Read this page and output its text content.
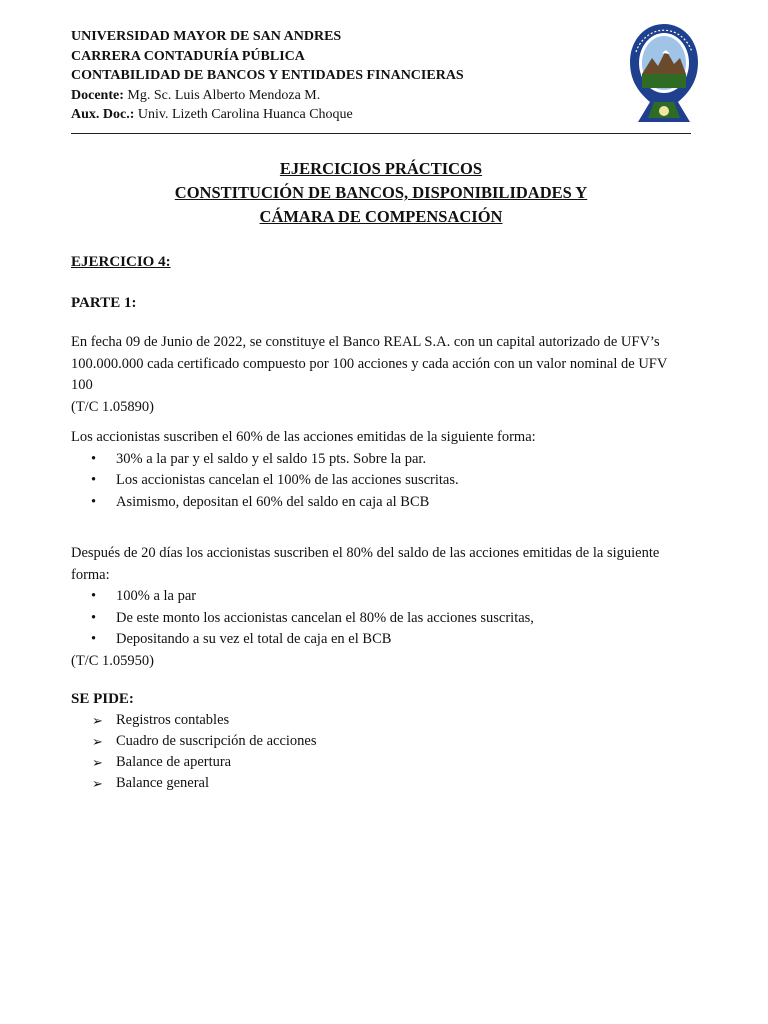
UNIVERSIDAD MAYOR DE SAN ANDRES
CARRERA CONTADURÍA PÚBLICA
CONTABILIDAD DE BANCOS Y ENTIDADES FINANCIERAS
Docente: Mg. Sc. Luis Alberto Mendoza M.
Aux. Doc.: Univ. Lizeth Carolina Huanca Choque
EJERCICIOS PRÁCTICOS
CONSTITUCIÓN DE BANCOS, DISPONIBILIDADES Y
CÁMARA DE COMPENSACIÓN
EJERCICIO 4:
PARTE 1:
En fecha 09 de Junio de 2022, se constituye el Banco REAL S.A. con un capital autorizado de UFV’s
100.000.000 cada certificado compuesto por 100 acciones y cada acción con un valor nominal de UFV
100
(T/C 1.05890)
Los accionistas suscriben el 60% de las acciones emitidas de la siguiente forma:
• 30% a la par y el saldo y el saldo 15 pts. Sobre la par.
• Los accionistas cancelan el 100% de las acciones suscritas.
• Asimismo, depositan el 60% del saldo en caja al BCB
Después de 20 días los accionistas suscriben el 80% del saldo de las acciones emitidas de la siguiente
forma:
• 100% a la par
• De este monto los accionistas cancelan el 80% de las acciones suscritas,
• Depositando a su vez el total de caja en el BCB
(T/C 1.05950)
SE PIDE:
➢ Registros contables
➢ Cuadro de suscripción de acciones
➢ Balance de apertura
➢ Balance general
